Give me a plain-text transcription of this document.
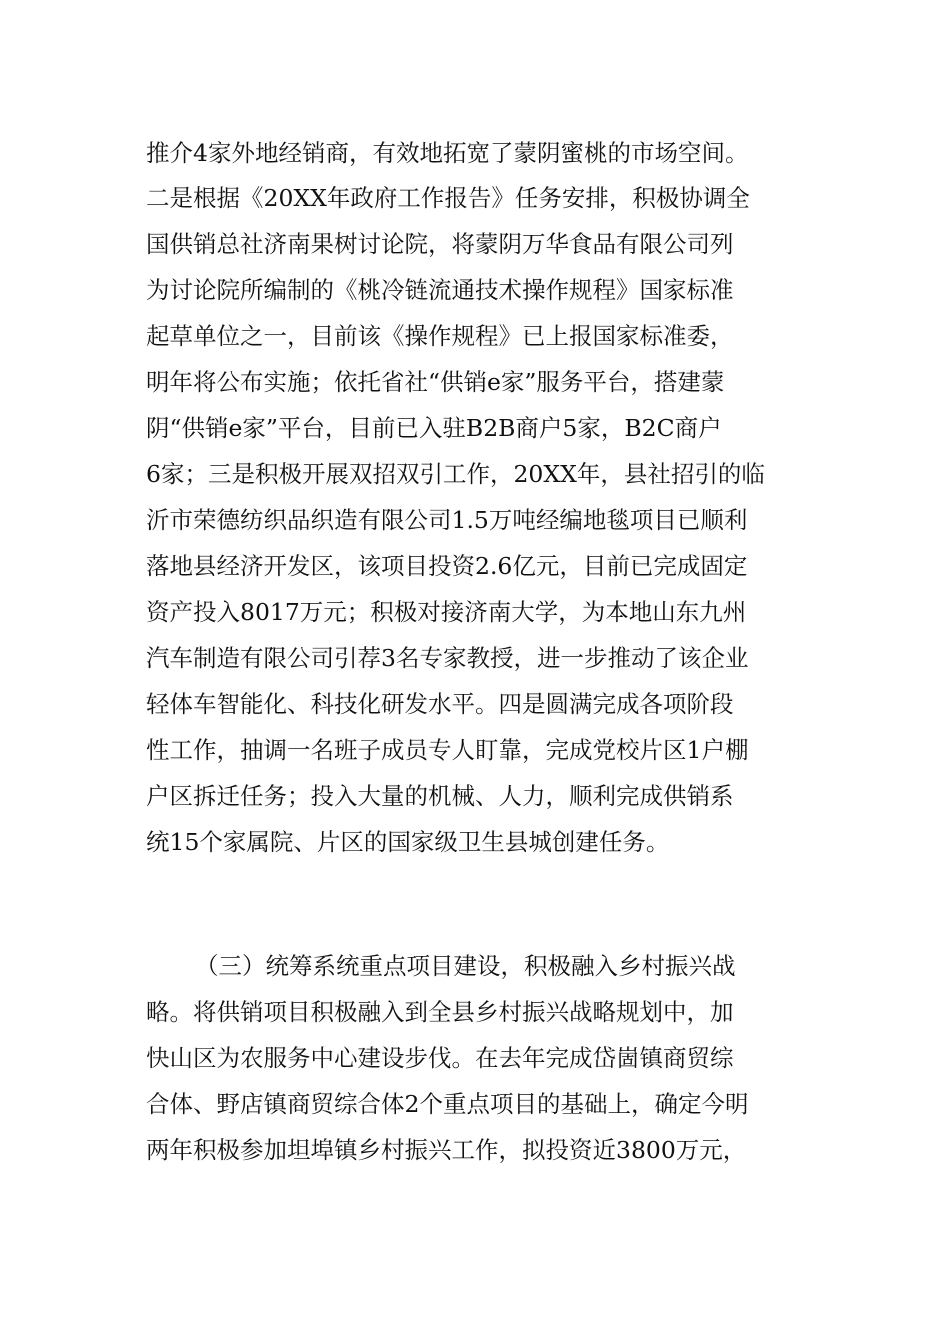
推介4家外地经销商，有效地拓宽了蒙阴蜜桃的市场空间。
二是根据《20XX年政府工作报告》任务安排，积极协调全
国供销总社济南果树讨论院，将蒙阴万华食品有限公司列
为讨论院所编制的《桃冷链流通技术操作规程》国家标准
起草单位之一，目前该《操作规程》已上报国家标准委，
明年将公布实施；依托省社“供销e家”服务平台，搭建蒙
阴“供销e家”平台，目前已入驻B2B商户5家，B2C商户
6家；三是积极开展双招双引工作，20XX年，县社招引的临
沂市荣德纺织品织造有限公司1.5万吨经编地毯项目已顺利
落地县经济开发区，该项目投资2.6亿元，目前已完成固定
资产投入8017万元；积极对接济南大学，为本地山东九州
汽车制造有限公司引荐3名专家教授，进一步推动了该企业
轻体车智能化、科技化研发水平。四是圆满完成各项阶段
性工作，抽调一名班子成员专人盯靠，完成党校片区1户棚
户区拆迁任务；投入大量的机械、人力，顺利完成供销系
统15个家属院、片区的国家级卫生县城创建任务。
（三）统筹系统重点项目建设，积极融入乡村振兴战
略。将供销项目积极融入到全县乡村振兴战略规划中，加
快山区为农服务中心建设步伐。在去年完成岱崮镇商贸综
合体、野店镇商贸综合体2个重点项目的基础上，确定今明
两年积极参加坦埠镇乡村振兴工作，拟投资近3800万元，
